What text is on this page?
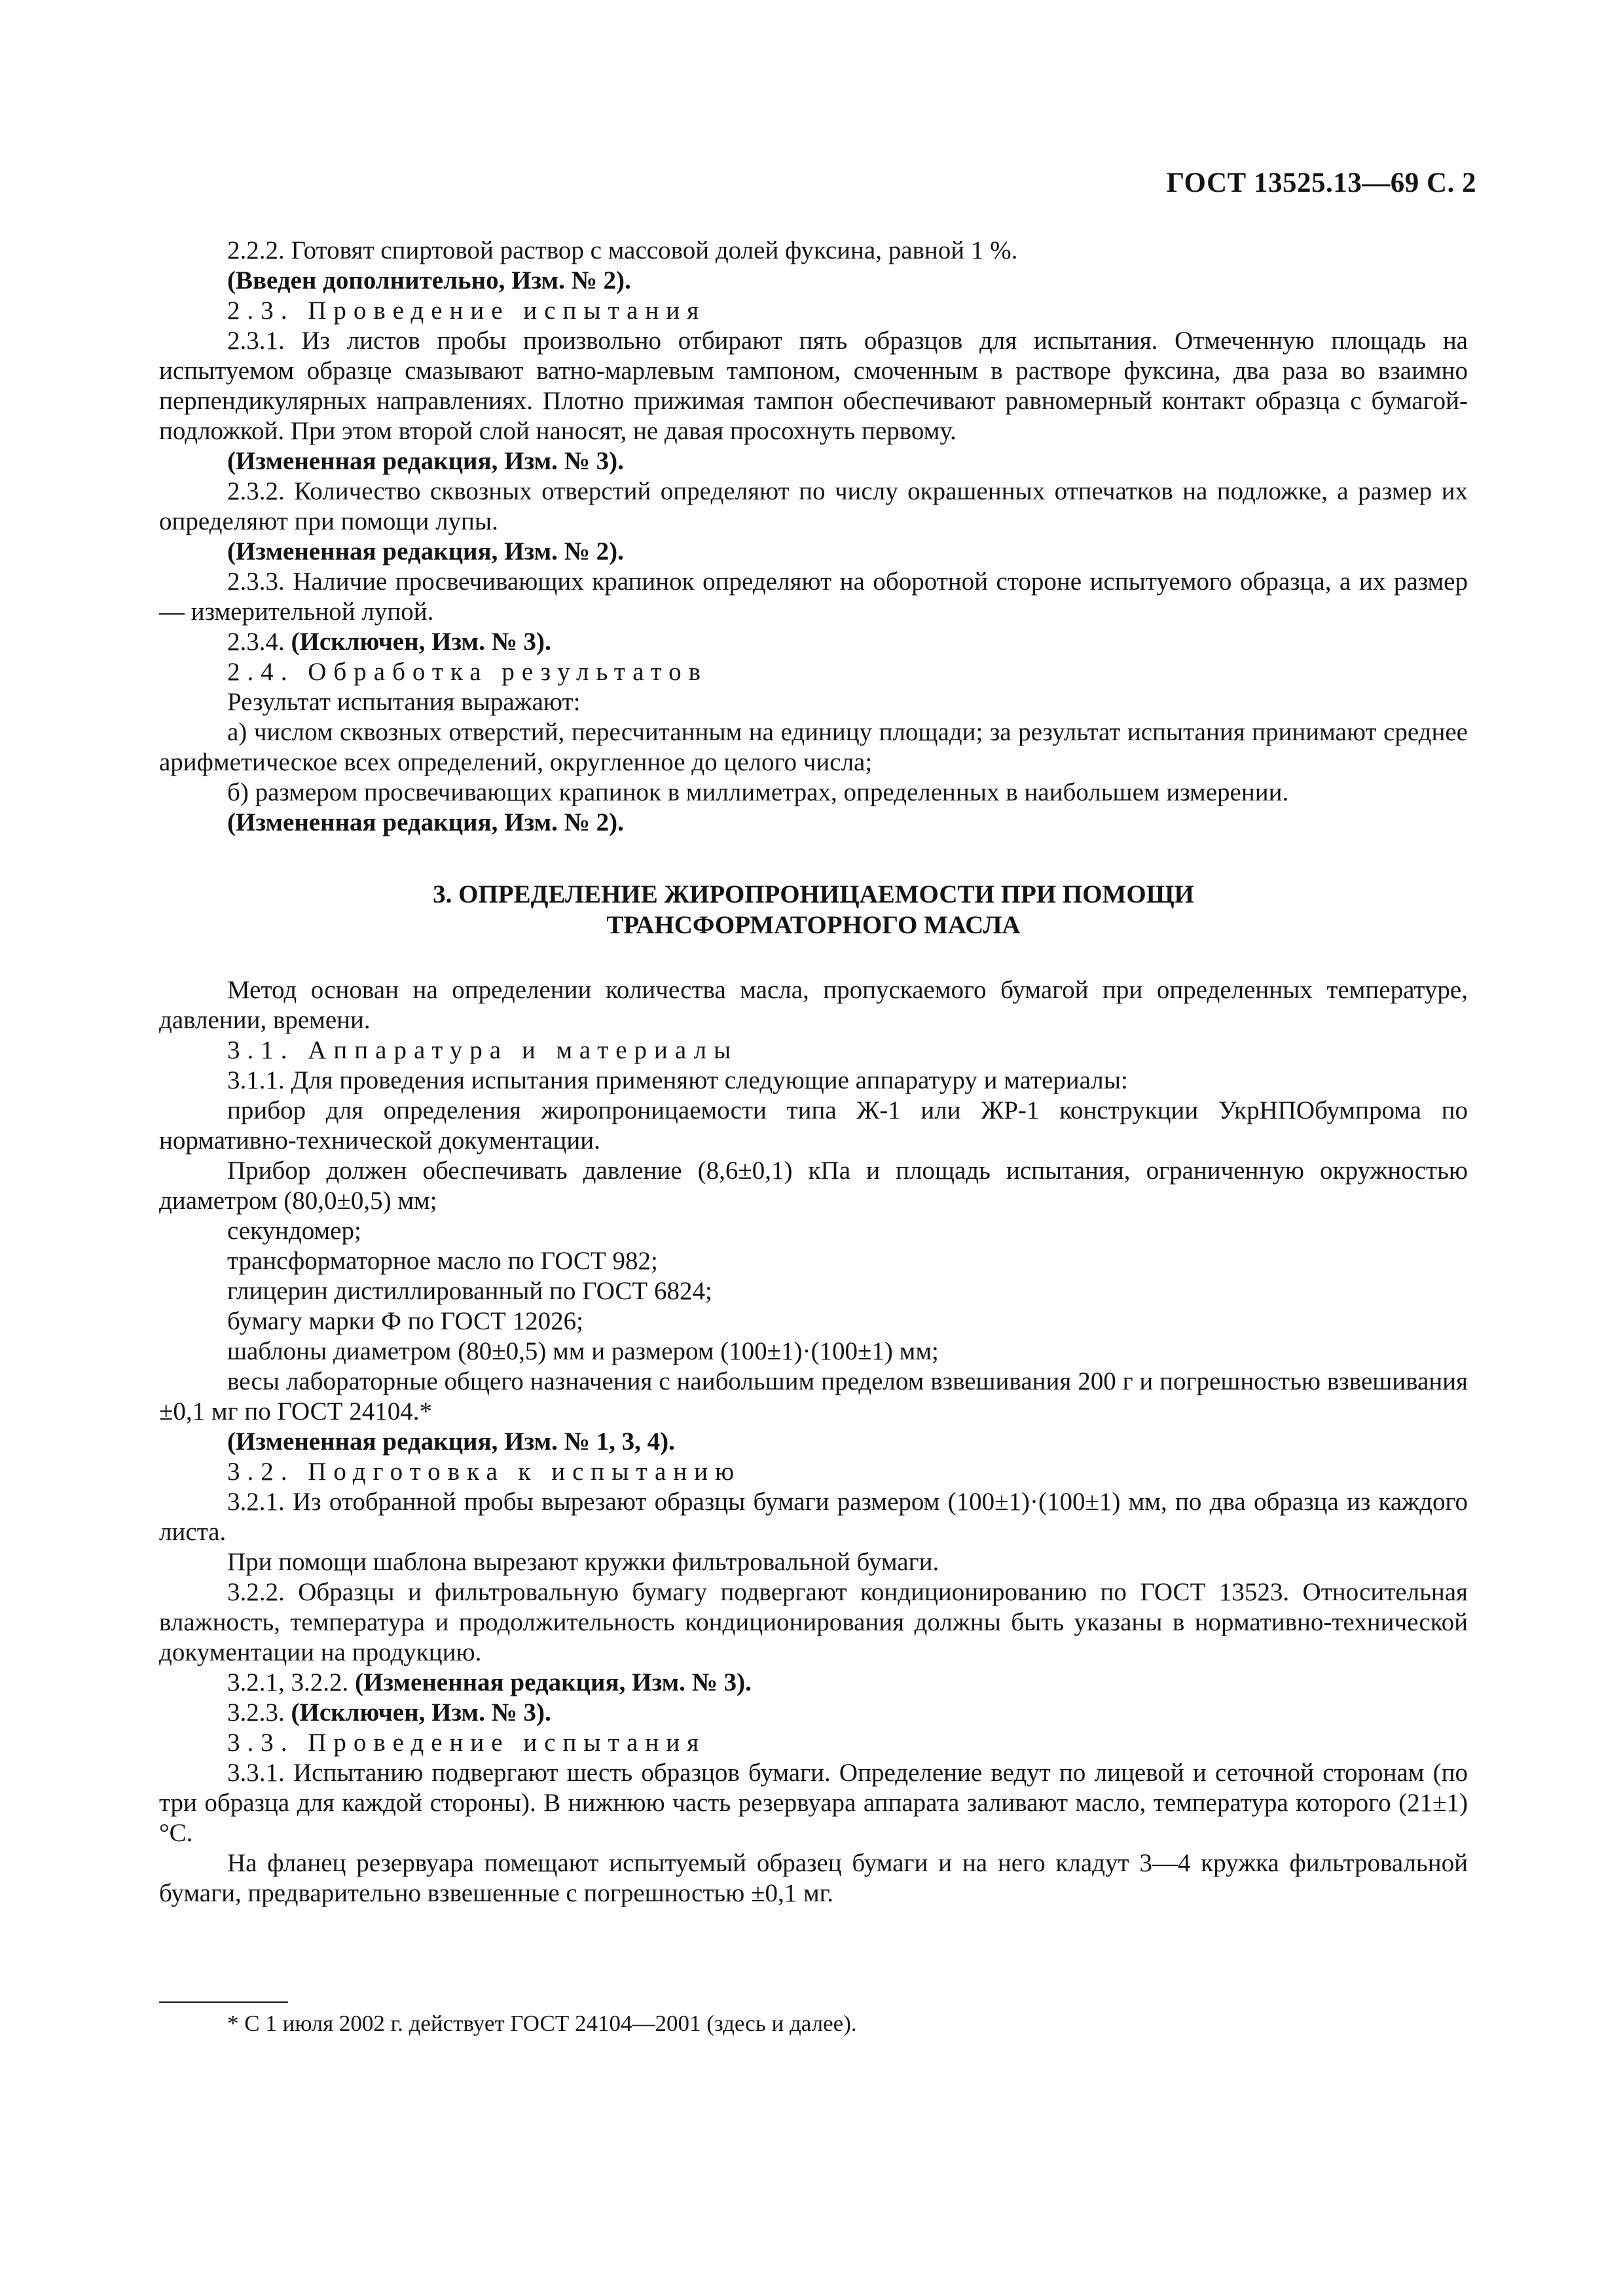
ГОСТ 13525.13—69 С. 2

2.2.2. Готовят спиртовой раствор с массовой долей фуксина, равной 1 %.

(Введен дополнительно, Изм. № 2).

2.3. Проведение испытания

2.3.1. Из листов пробы произвольно отбирают пять образцов для испытания. Отмеченную площадь на испытуемом образце смазывают ватно-марлевым тампоном, смоченным в растворе фуксина, два раза во взаимно перпендикулярных направлениях. Плотно прижимая тампон обеспечивают равномерный контакт образца с бумагой-подложкой. При этом второй слой наносят, не давая просохнуть первому.

(Измененная редакция, Изм. № 3).

2.3.2. Количество сквозных отверстий определяют по числу окрашенных отпечатков на подложке, а размер их определяют при помощи лупы.

(Измененная редакция, Изм. № 2).

2.3.3. Наличие просвечивающих крапинок определяют на оборотной стороне испытуемого образца, а их размер — измерительной лупой.

2.3.4. (Исключен, Изм. № 3).

2.4. Обработка результатов

Результат испытания выражают:

а) числом сквозных отверстий, пересчитанным на единицу площади; за результат испытания принимают среднее арифметическое всех определений, округленное до целого числа;

б) размером просвечивающих крапинок в миллиметрах, определенных в наибольшем измерении.

(Измененная редакция, Изм. № 2).

3. ОПРЕДЕЛЕНИЕ ЖИРОПРОНИЦАЕМОСТИ ПРИ ПОМОЩИ
ТРАНСФОРМАТОРНОГО МАСЛА

Метод основан на определении количества масла, пропускаемого бумагой при определенных температуре, давлении, времени.

3.1. Аппаратура и материалы

3.1.1. Для проведения испытания применяют следующие аппаратуру и материалы:

прибор для определения жиропроницаемости типа Ж-1 или ЖР-1 конструкции УкрНПОбумпрома по нормативно-технической документации.

Прибор должен обеспечивать давление (8,6±0,1) кПа и площадь испытания, ограниченную окружностью диаметром (80,0±0,5) мм;

секундомер;

трансформаторное масло по ГОСТ 982;

глицерин дистиллированный по ГОСТ 6824;

бумагу марки Ф по ГОСТ 12026;

шаблоны диаметром (80±0,5) мм и размером (100±1)·(100±1) мм;

весы лабораторные общего назначения с наибольшим пределом взвешивания 200 г и погрешностью взвешивания ±0,1 мг по ГОСТ 24104.*

(Измененная редакция, Изм. № 1, 3, 4).

3.2. Подготовка к испытанию

3.2.1. Из отобранной пробы вырезают образцы бумаги размером (100±1)·(100±1) мм, по два образца из каждого листа.

При помощи шаблона вырезают кружки фильтровальной бумаги.

3.2.2. Образцы и фильтровальную бумагу подвергают кондиционированию по ГОСТ 13523. Относительная влажность, температура и продолжительность кондиционирования должны быть указаны в нормативно-технической документации на продукцию.

3.2.1, 3.2.2. (Измененная редакция, Изм. № 3).

3.2.3. (Исключен, Изм. № 3).

3.3. Проведение испытания

3.3.1. Испытанию подвергают шесть образцов бумаги. Определение ведут по лицевой и сеточной сторонам (по три образца для каждой стороны). В нижнюю часть резервуара аппарата заливают масло, температура которого (21±1) °С.

На фланец резервуара помещают испытуемый образец бумаги и на него кладут 3—4 кружка фильтровальной бумаги, предварительно взвешенные с погрешностью ±0,1 мг.

* С 1 июля 2002 г. действует ГОСТ 24104—2001 (здесь и далее).
